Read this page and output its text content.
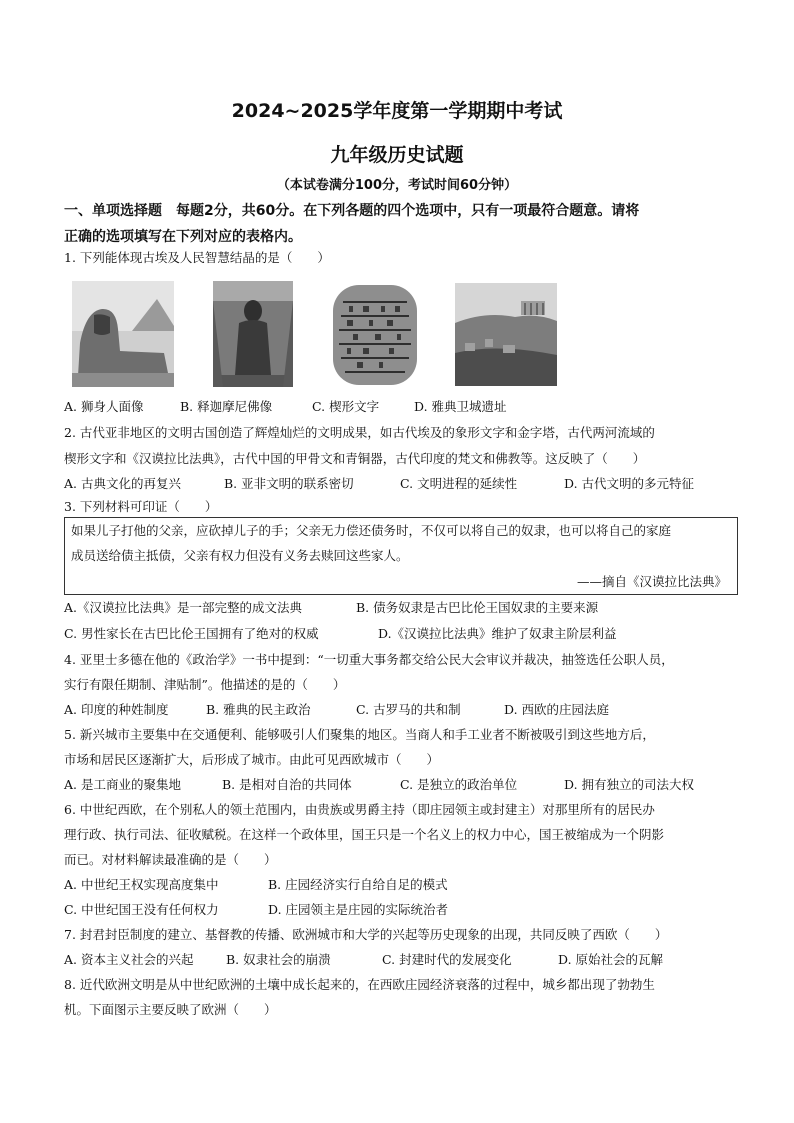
2024~2025学年度第一学期期中考试
九年级历史试题
（本试卷满分100分，考试时间60分钟）
一、单项选择题　每题2分，共60分。在下列各题的四个选项中，只有一项最符合题意。请将
正确的选项填写在下列对应的表格内。
1. 下列能体现古埃及人民智慧结晶的是（　　）
A. 狮身人面像	B. 释迦摩尼佛像	C. 楔形文字	D. 雅典卫城遗址
2. 古代亚非地区的文明古国创造了辉煌灿烂的文明成果，如古代埃及的象形文字和金字塔，古代两河流域的
楔形文字和《汉谟拉比法典》，古代中国的甲骨文和青铜器，古代印度的梵文和佛教等。这反映了（　　）
A. 古典文化的再复兴	B. 亚非文明的联系密切	C. 文明进程的延续性	D. 古代文明的多元特征
3. 下列材料可印证（　　）
如果儿子打他的父亲，应砍掉儿子的手；父亲无力偿还债务时，不仅可以将自己的奴隶，也可以将自己的家庭
成员送给债主抵债，父亲有权力但没有义务去赎回这些家人。
——摘自《汉谟拉比法典》
A.《汉谟拉比法典》是一部完整的成文法典	B. 债务奴隶是古巴比伦王国奴隶的主要来源
C. 男性家长在古巴比伦王国拥有了绝对的权威	D.《汉谟拉比法典》维护了奴隶主阶层利益
4. 亚里士多德在他的《政治学》一书中提到：“一切重大事务都交给公民大会审议并裁决，抽签选任公职人员，
实行有限任期制、津贴制”。他描述的是的（　　）
A. 印度的种姓制度	B. 雅典的民主政治	C. 古罗马的共和制	D. 西欧的庄园法庭
5. 新兴城市主要集中在交通便利、能够吸引人们聚集的地区。当商人和手工业者不断被吸引到这些地方后，
市场和居民区逐渐扩大，后形成了城市。由此可见西欧城市（　　）
A. 是工商业的聚集地	B. 是相对自治的共同体	C. 是独立的政治单位	D. 拥有独立的司法大权
6. 中世纪西欧，在个别私人的领土范围内，由贵族或男爵主持（即庄园领主或封建主）对那里所有的居民办
理行政、执行司法、征收赋税。在这样一个政体里，国王只是一个名义上的权力中心，国王被缩成为一个阴影
而已。对材料解读最准确的是（　　）
A. 中世纪王权实现高度集中	B. 庄园经济实行自给自足的模式
C. 中世纪国王没有任何权力	D. 庄园领主是庄园的实际统治者
7. 封君封臣制度的建立、基督教的传播、欧洲城市和大学的兴起等历史现象的出现，共同反映了西欧（　　）
A. 资本主义社会的兴起	B. 奴隶社会的崩溃	C. 封建时代的发展变化	D. 原始社会的瓦解
8. 近代欧洲文明是从中世纪欧洲的土壤中成长起来的，在西欧庄园经济衰落的过程中，城乡都出现了勃勃生
机。下面图示主要反映了欧洲（　　）
